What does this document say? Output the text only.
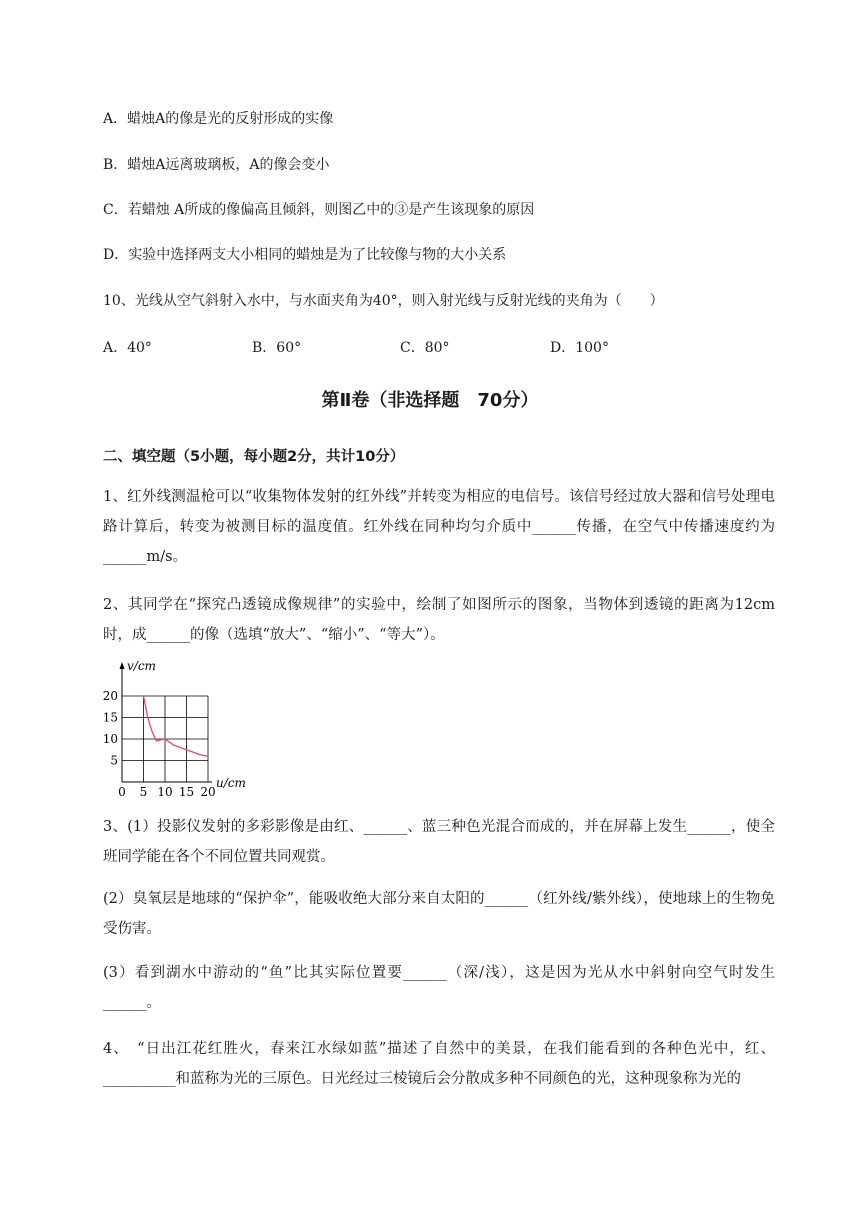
A．蜡烛A的像是光的反射形成的实像
B．蜡烛A远离玻璃板，A的像会变小
C．若蜡烛 A所成的像偏高且倾斜，则图乙中的③是产生该现象的原因
D．实验中选择两支大小相同的蜡烛是为了比较像与物的大小关系
10、光线从空气斜射入水中，与水面夹角为40°，则入射光线与反射光线的夹角为（　　）
A．40°	B．60°	C．80°	D．100°
第Ⅱ卷（非选择题　70分）
二、填空题（5小题，每小题2分，共计10分）
1、红外线测温枪可以“收集物体发射的红外线”并转变为相应的电信号。该信号经过放大器和信号处理电路计算后，转变为被测目标的温度值。红外线在同种均匀介质中______传播，在空气中传播速度约为______m/s。
2、其同学在“探究凸透镜成像规律”的实验中，绘制了如图所示的图象，当物体到透镜的距离为12cm时，成______的像（选填“放大”、“缩小”、“等大”）。
5
10
15
20
0 5 10 15 20
v/cm
u/cm
3、(1）投影仪发射的多彩影像是由红、______、蓝三种色光混合而成的，并在屏幕上发生______，使全班同学能在各个不同位置共同观赏。
(2）臭氧层是地球的“保护伞”，能吸收绝大部分来自太阳的______（红外线/紫外线），使地球上的生物免受伤害。
(3）看到湖水中游动的“鱼”比其实际位置要______（深/浅），这是因为光从水中斜射向空气时发生______。
4、　“日出江花红胜火，春来江水绿如蓝”描述了自然中的美景，在我们能看到的各种色光中，红、__________和蓝称为光的三原色。日光经过三棱镜后会分散成多种不同颜色的光，这种现象称为光的
